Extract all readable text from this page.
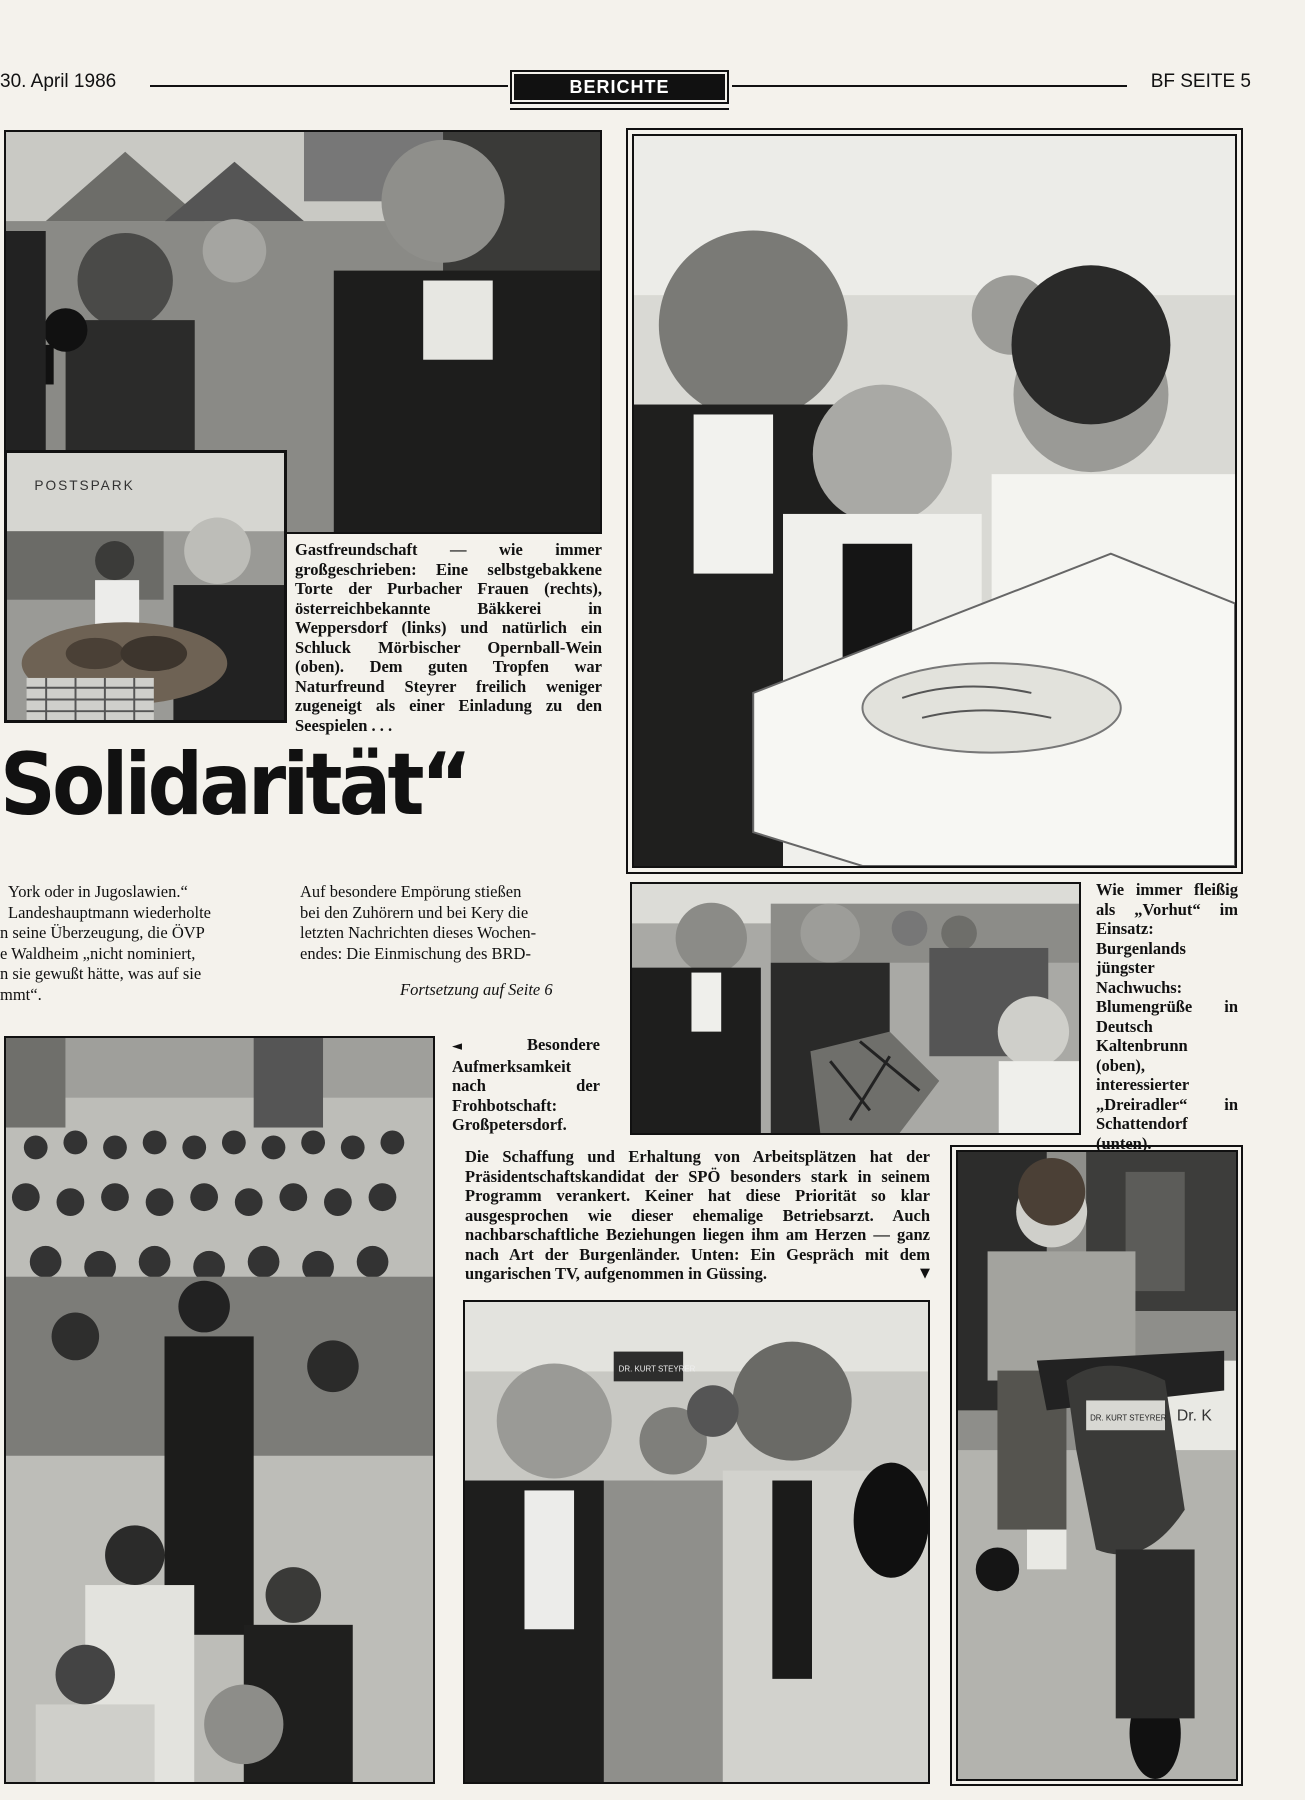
30. April 1986	BERICHTE	BF SEITE 5
POSTSPARK
Gastfreundschaft — wie immer großgeschrieben: Eine selbstgebakkene Torte der Purbacher Frauen (rechts), österreichbekannte Bäkkerei in Weppersdorf (links) und natürlich ein Schluck Mörbischer Opernball-Wein (oben). Dem guten Tropfen war Naturfreund Steyrer freilich weniger zugeneigt als einer Einladung zu den Seespielen . . .
Solidarität“
York oder in Jugoslawien.“
Landeshauptmann wiederholte
n seine Überzeugung, die ÖVP
e Waldheim „nicht nominiert,
n sie gewußt hätte, was auf sie
mmt“.
Auf besondere Empörung stießen
bei den Zuhörern und bei Kery die
letzten Nachrichten dieses Wochen-
endes: Die Einmischung des BRD-
Fortsetzung auf Seite 6
Wie immer fleißig als „Vorhut“ im Einsatz: Burgenlands jüngster Nachwuchs: Blumengrüße in Deutsch Kaltenbrunn (oben), interessierter „Dreiradler“ in Schattendorf (unten).
◄	Besondere Aufmerksamkeit nach der Frohbotschaft: Großpetersdorf.
Die Schaffung und Erhaltung von Arbeitsplätzen hat der Präsidentschaftskandidat der SPÖ besonders stark in seinem Programm verankert. Keiner hat diese Priorität so klar ausgesprochen wie dieser ehemalige Betriebsarzt. Auch nachbarschaftliche Beziehungen liegen ihm am Herzen — ganz nach Art der Burgenländer. Unten: Ein Gespräch mit dem ungarischen TV, aufgenommen in Güssing.	▼
DR. KURT STEYRER
Dr. K
DR. KURT STEYRER
